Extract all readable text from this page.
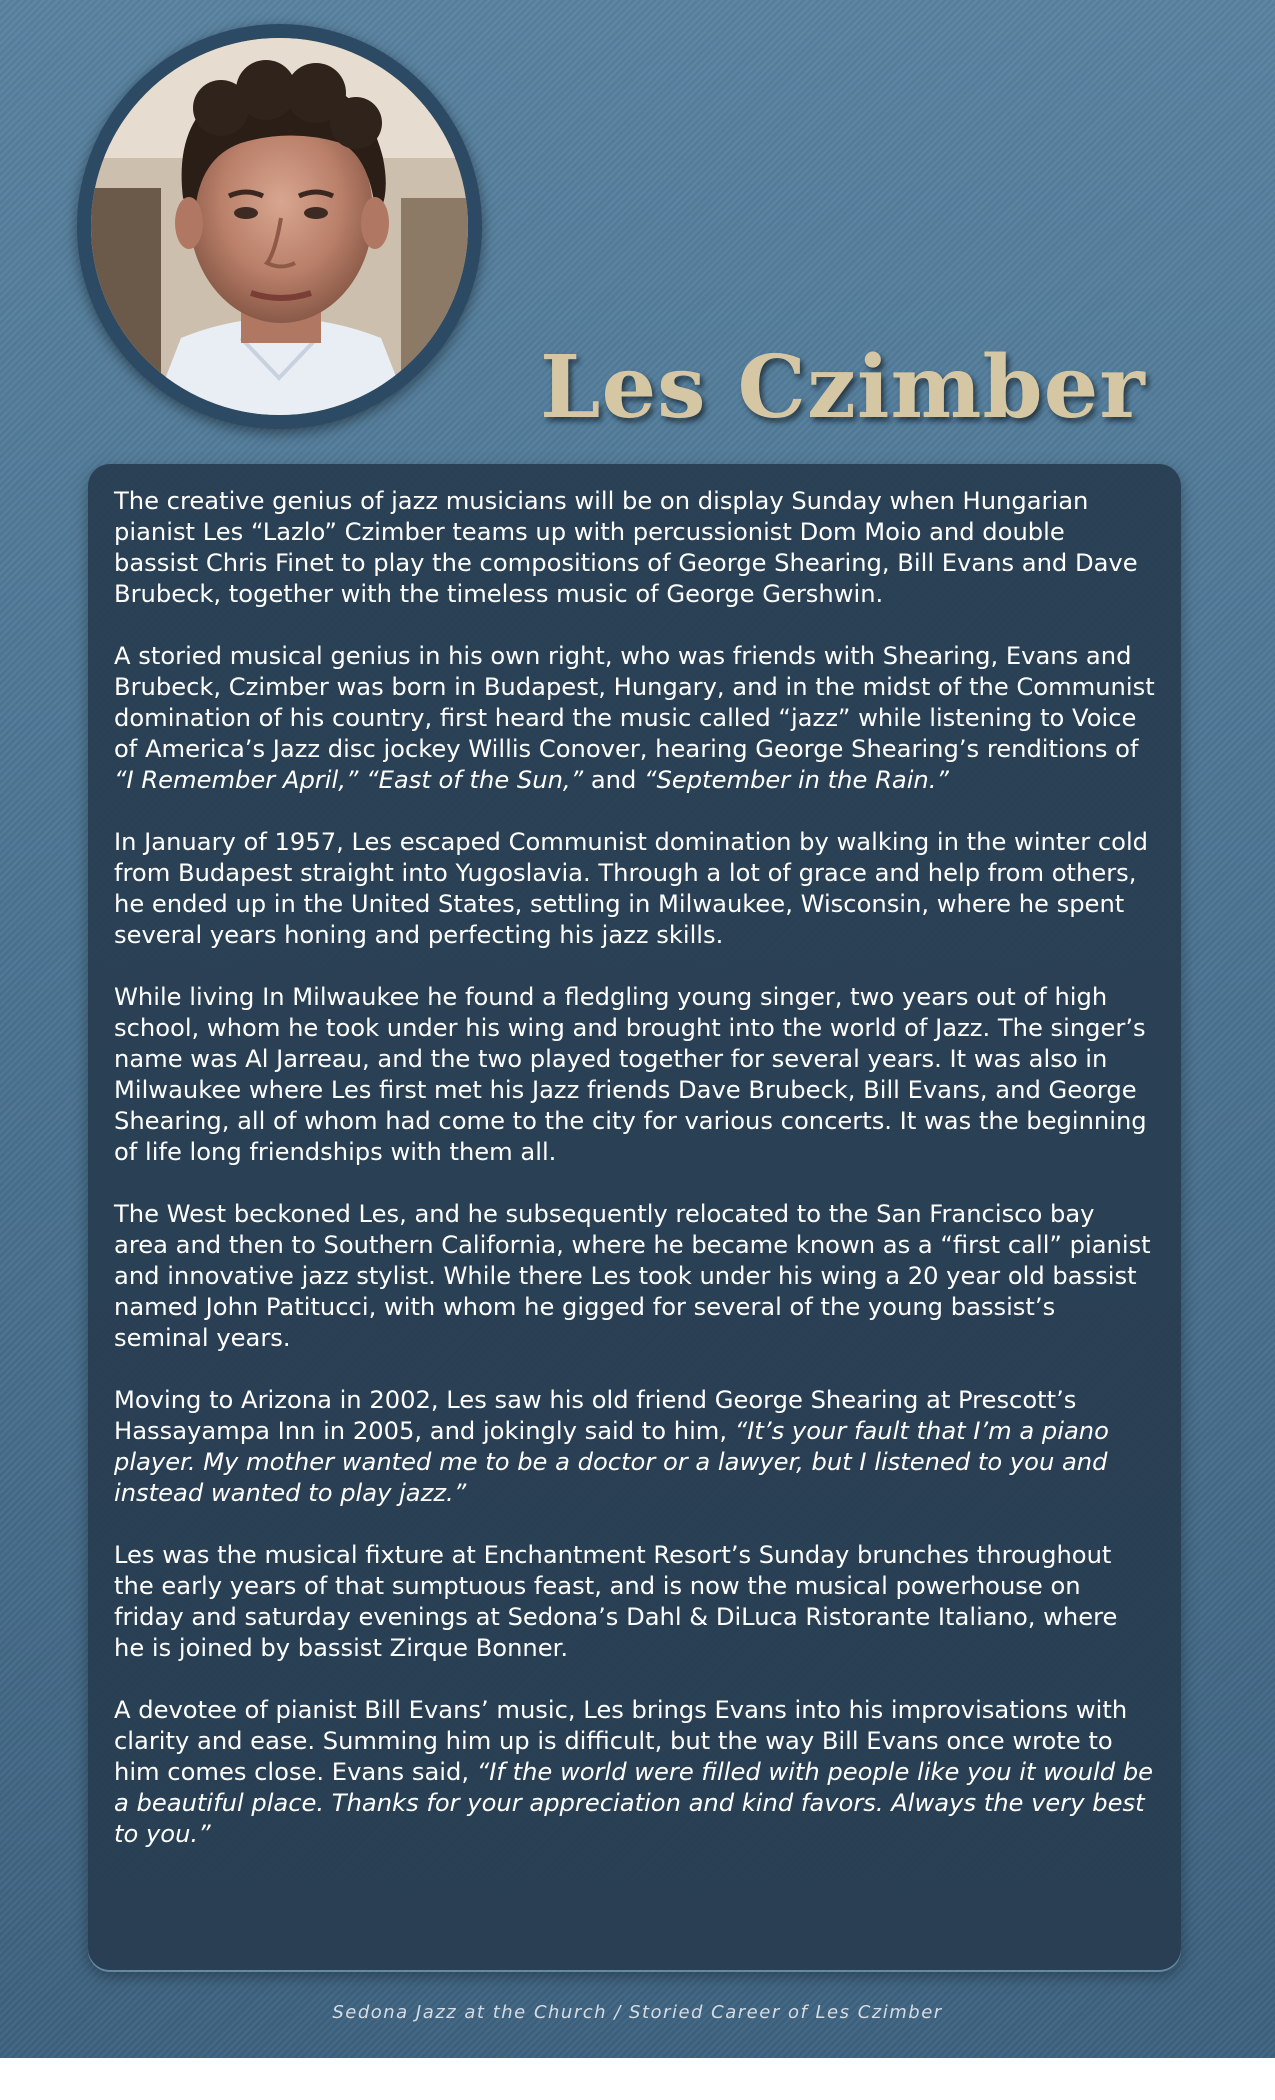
Les Czimber

The creative genius of jazz musicians will be on display Sunday when Hungarian pianist Les “Lazlo” Czimber teams up with percussionist Dom Moio and double bassist Chris Finet to play the compositions of George Shearing, Bill Evans and Dave Brubeck, together with the timeless music of George Gershwin.

A storied musical genius in his own right, who was friends with Shearing, Evans and Brubeck, Czimber was born in Budapest, Hungary, and in the midst of the Communist domination of his country, first heard the music called “jazz” while listening to Voice of America’s Jazz disc jockey Willis Conover, hearing George Shearing’s renditions of “I Remember April,” “East of the Sun,” and “September in the Rain.”

In January of 1957, Les escaped Communist domination by walking in the winter cold from Budapest straight into Yugoslavia. Through a lot of grace and help from others, he ended up in the United States, settling in Milwaukee, Wisconsin, where he spent several years honing and perfecting his jazz skills.

While living In Milwaukee he found a fledgling young singer, two years out of high school, whom he took under his wing and brought into the world of Jazz. The singer’s name was Al Jarreau, and the two played together for several years. It was also in Milwaukee where Les first met his Jazz friends Dave Brubeck, Bill Evans, and George Shearing, all of whom had come to the city for various concerts. It was the beginning of life long friendships with them all.

The West beckoned Les, and he subsequently relocated to the San Francisco bay area and then to Southern California, where he became known as a “first call” pianist and innovative jazz stylist. While there Les took under his wing a 20 year old bassist named John Patitucci, with whom he gigged for several of the young bassist’s seminal years.

Moving to Arizona in 2002, Les saw his old friend George Shearing at Prescott’s Hassayampa Inn in 2005, and jokingly said to him, “It’s your fault that I’m a piano player. My mother wanted me to be a doctor or a lawyer, but I listened to you and instead wanted to play jazz.”

Les was the musical fixture at Enchantment Resort’s Sunday brunches throughout the early years of that sumptuous feast, and is now the musical powerhouse on friday and saturday evenings at Sedona’s Dahl & DiLuca Ristorante Italiano, where he is joined by bassist Zirque Bonner.

A devotee of pianist Bill Evans’ music, Les brings Evans into his improvisations with clarity and ease. Summing him up is difficult, but the way Bill Evans once wrote to him comes close. Evans said, “If the world were filled with people like you it would be a beautiful place. Thanks for your appreciation and kind favors. Always the very best to you.”

Sedona Jazz at the Church / Storied Career of Les Czimber
